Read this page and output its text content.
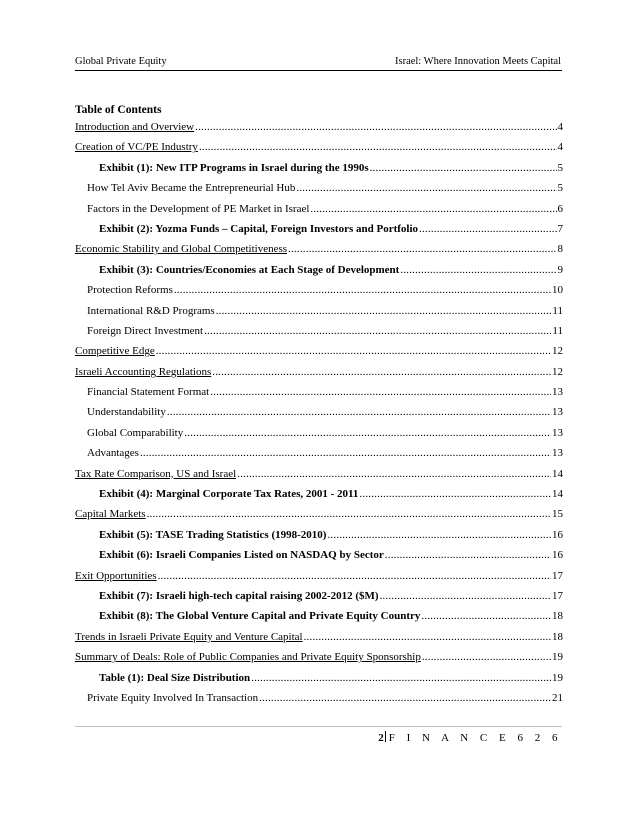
Global Private Equity	Israel: Where Innovation Meets Capital
Table of Contents
Introduction and Overview .....	4
Creation of VC/PE Industry .....	4
Exhibit (1): New ITP Programs in Israel during the 1990s .....	5
How Tel Aviv Became the Entrepreneurial Hub .....	5
Factors in the Development of PE Market in Israel .....	6
Exhibit (2): Yozma Funds – Capital, Foreign Investors and Portfolio .....	7
Economic Stability and Global Competitiveness .....	8
Exhibit (3): Countries/Economies at Each Stage of Development .....	9
Protection Reforms .....	10
International R&D Programs .....	11
Foreign Direct Investment .....	11
Competitive Edge .....	12
Israeli Accounting Regulations .....	12
Financial Statement Format .....	13
Understandability .....	13
Global Comparability .....	13
Advantages .....	13
Tax Rate Comparison, US and Israel .....	14
Exhibit (4): Marginal Corporate Tax Rates, 2001 - 2011 .....	14
Capital Markets .....	15
Exhibit (5): TASE Trading Statistics (1998-2010) .....	16
Exhibit (6): Israeli Companies Listed on NASDAQ by Sector .....	16
Exit Opportunities .....	17
Exhibit (7): Israeli high-tech capital raising 2002-2012 ($M) .....	17
Exhibit (8): The Global Venture Capital and Private Equity Country .....	18
Trends in Israeli Private Equity and Venture Capital .....	18
Summary of Deals: Role of Public Companies and Private Equity Sponsorship .....	19
Table (1): Deal Size Distribution .....	19
Private Equity Involved In Transaction .....	21
2 F I N A N C E 6 2 6
